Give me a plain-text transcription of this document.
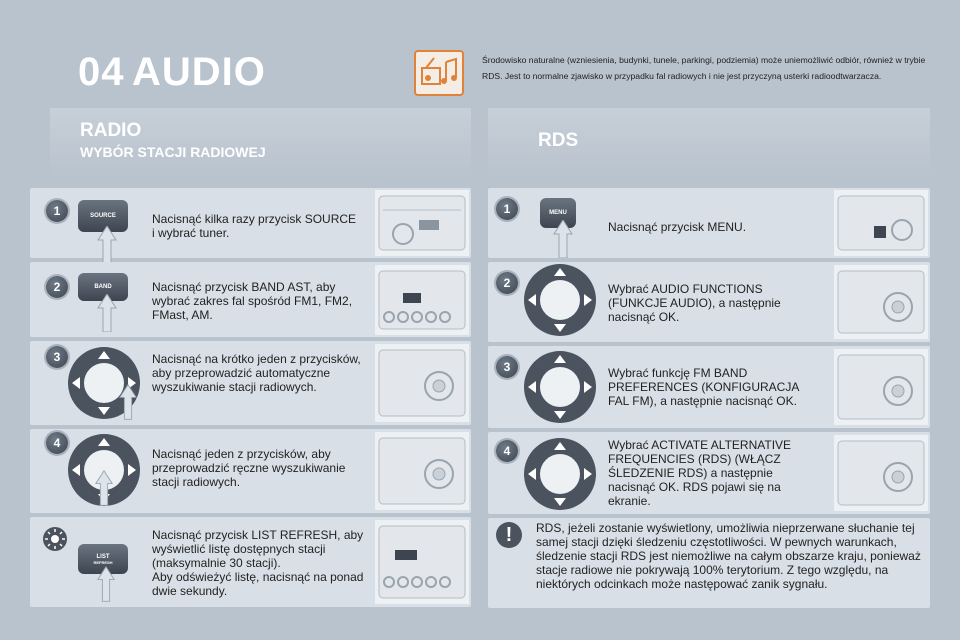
04 AUDIO	Środowisko naturalne (wzniesienia, budynki, tunele, parkingi, podziemia) może uniemożliwić odbiór, również w trybie RDS. Jest to normalne zjawisko w przypadku fal radiowych i nie jest przyczyną usterki radioodtwarzacza.
RADIO
WYBÓR STACJI RADIOWEJ
RDS
1	SOURCE	Nacisnąć kilka razy przycisk SOURCE i wybrać tuner.
2	BAND	Nacisnąć przycisk BAND AST, aby wybrać zakres fal spośród FM1, FM2, FMast, AM.
3	Nacisnąć na krótko jeden z przycisków, aby przeprowadzić automatyczne wyszukiwanie stacji radiowych.
4
Nacisnąć jeden z przycisków, aby przeprowadzić ręczne wyszukiwanie stacji radiowych.
LIST
REFRESH
Nacisnąć przycisk LIST REFRESH, aby wyświetlić listę dostępnych stacji (maksymalnie 30 stacji).
Aby odświeżyć listę, nacisnąć na ponad dwie sekundy.
1	MENU
Nacisnąć przycisk MENU.
2	Wybrać AUDIO FUNCTIONS (FUNKCJE AUDIO), a następnie nacisnąć OK.
3	Wybrać funkcję FM BAND PREFERENCES (KONFIGURACJA FAL FM), a następnie nacisnąć OK.
4	Wybrać ACTIVATE ALTERNATIVE FREQUENCIES (RDS) (WŁĄCZ ŚLEDZENIE RDS) a następnie nacisnąć OK. RDS pojawi się na ekranie.
! RDS, jeżeli zostanie wyświetlony, umożliwia nieprzerwane słuchanie tej samej stacji dzięki śledzeniu częstotliwości. W pewnych warunkach, śledzenie stacji RDS jest niemożliwe na całym obszarze kraju, ponieważ stacje radiowe nie pokrywają 100% terytorium. Z tego względu, na niektórych odcinkach może następować zanik sygnału.
